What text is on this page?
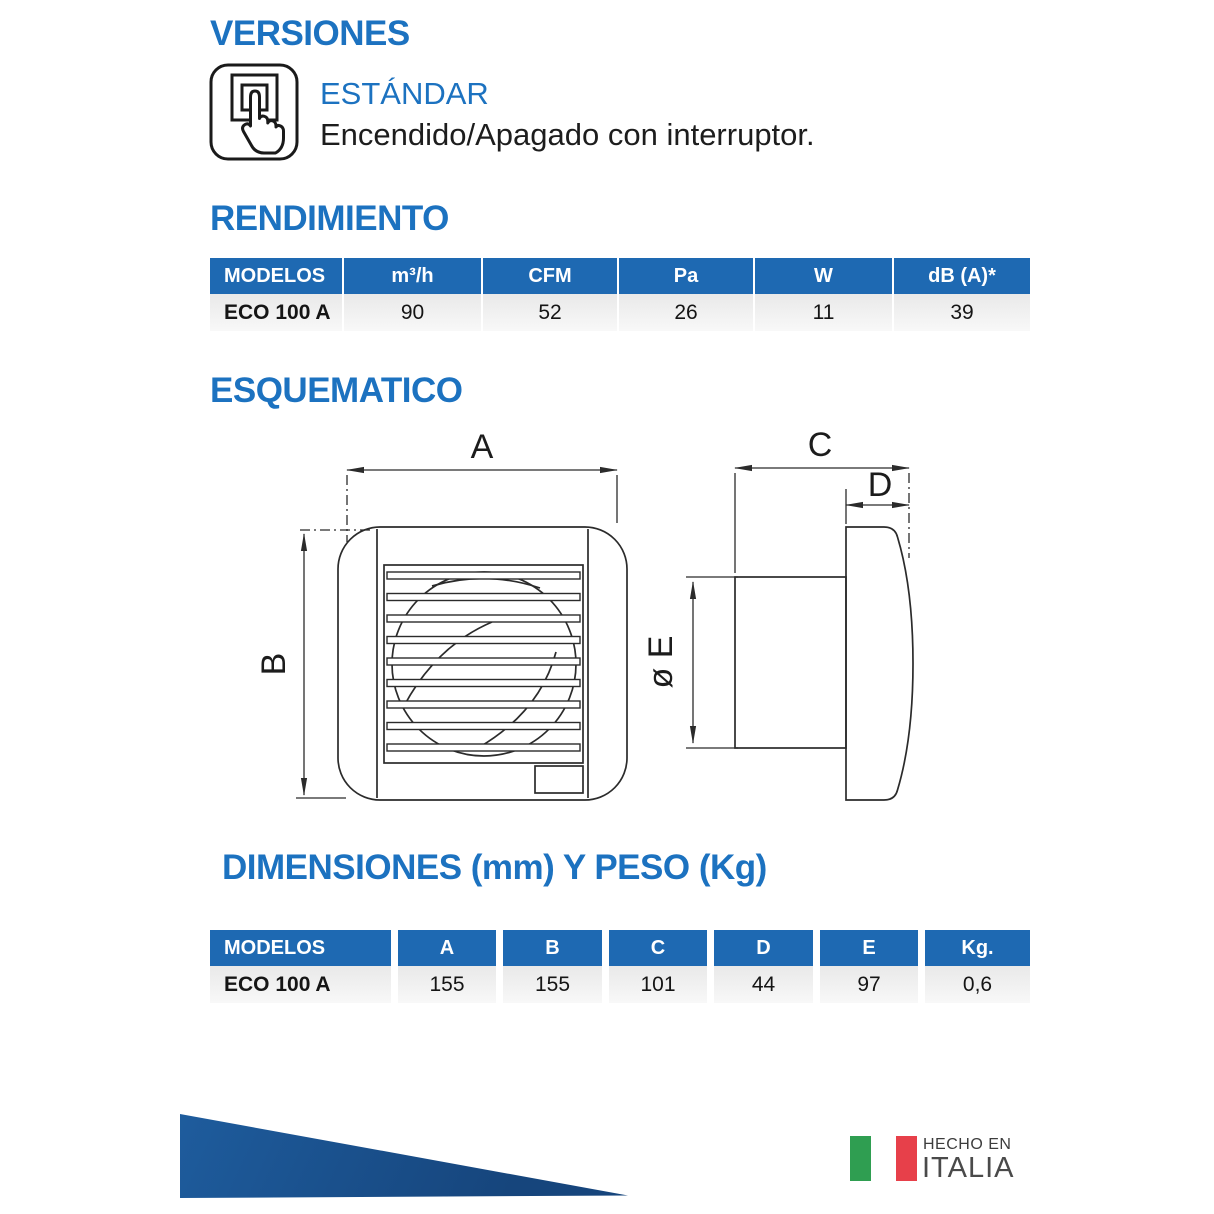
VERSIONES
ESTÁNDAR
Encendido/Apagado con interruptor.
RENDIMIENTO
MODELOS	m³/h	CFM	Pa	W	dB (A)*
ECO 100 A	90	52	26	11	39
ESQUEMATICO
A
B
C
D
ø E
DIMENSIONES (mm) Y PESO (Kg)
MODELOS	A	B	C	D	E	Kg.
ECO 100 A	155	155	101	44	97	0,6
HECHO EN
ITALIA
